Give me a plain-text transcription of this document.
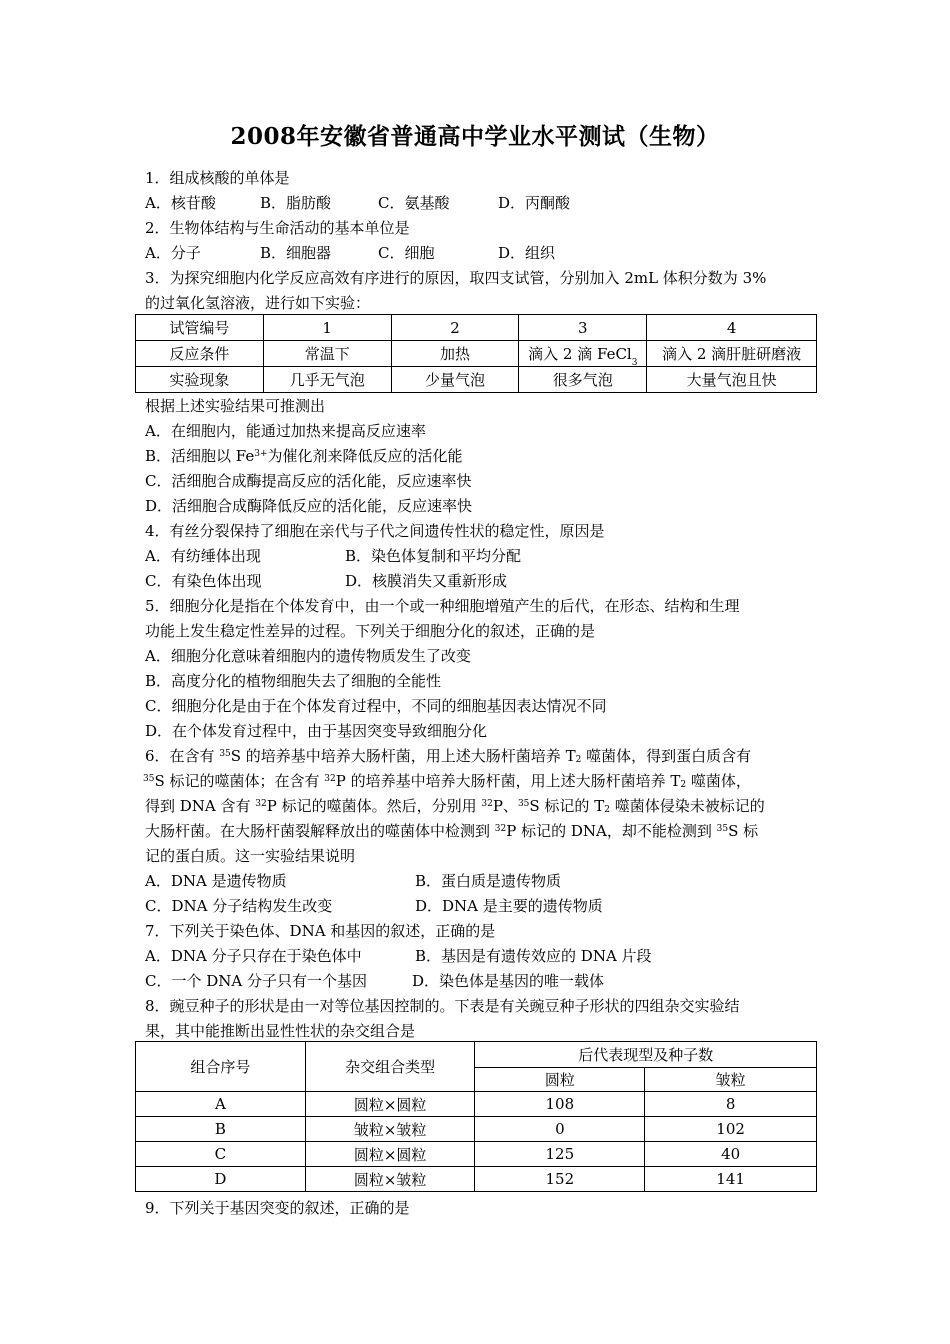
2008年安徽省普通高中学业水平测试（生物）
1．组成核酸的单体是
A．核苷酸	B．脂肪酸	C．氨基酸	D．丙酮酸
2．生物体结构与生命活动的基本单位是
A．分子	B．细胞器	C．细胞	D．组织
3．为探究细胞内化学反应高效有序进行的原因，取四支试管，分别加入 2mL 体积分数为 3%
的过氧化氢溶液，进行如下实验：
试管编号	1	2	3	4
反应条件	常温下	加热	滴入 2 滴 FeCl$_3$	滴入 2 滴肝脏研磨液
实验现象	几乎无气泡	少量气泡	很多气泡	大量气泡且快
根据上述实验结果可推测出
A．在细胞内，能通过加热来提高反应速率
B．活细胞以 $Fe^{3+}$为催化剂来降低反应的活化能
C．活细胞合成酶提高反应的活化能，反应速率快
D．活细胞合成酶降低反应的活化能，反应速率快
4．有丝分裂保持了细胞在亲代与子代之间遗传性状的稳定性，原因是
A．有纺缍体出现	B．染色体复制和平均分配
C．有染色体出现	D．核膜消失又重新形成
5．细胞分化是指在个体发育中，由一个或一种细胞增殖产生的后代，在形态、结构和生理
功能上发生稳定性差异的过程。下列关于细胞分化的叙述，正确的是
A．细胞分化意味着细胞内的遗传物质发生了改变
B．高度分化的植物细胞失去了细胞的全能性
C．细胞分化是由于在个体发育过程中，不同的细胞基因表达情况不同
D．在个体发育过程中，由于基因突变导致细胞分化
6．在含有 $^{35}$S 的培养基中培养大肠杆菌，用上述大肠杆菌培养 $T_2$ 噬菌体，得到蛋白质含有
$^{35}$S 标记的噬菌体；在含有 $^{32}$P 的培养基中培养大肠杆菌，用上述大肠杆菌培养 $T_2$ 噬菌体，
得到 DNA 含有 $^{32}$P 标记的噬菌体。然后，分别用 $^{32}$P、$^{35}$S 标记的 $T_2$ 噬菌体侵染未被标记的
大肠杆菌。在大肠杆菌裂解释放出的噬菌体中检测到 $^{32}$P 标记的 DNA，却不能检测到 $^{35}$S 标
记的蛋白质。这一实验结果说明
A．DNA 是遗传物质	B．蛋白质是遗传物质
C．DNA 分子结构发生改变	D．DNA 是主要的遗传物质
7．下列关于染色体、DNA 和基因的叙述，正确的是
A．DNA 分子只存在于染色体中	B．基因是有遗传效应的 DNA 片段
C．一个 DNA 分子只有一个基因	D．染色体是基因的唯一载体
8．豌豆种子的形状是由一对等位基因控制的。下表是有关豌豆种子形状的四组杂交实验结
果，其中能推断出显性性状的杂交组合是
组合序号	杂交组合类型	后代表现型及种子数	
		圆粒	皱粒
A	圆粒×圆粒	108	8
B	皱粒×皱粒	0	102
C	圆粒×圆粒	125	40
D	圆粒×皱粒	152	141
9．下列关于基因突变的叙述，正确的是
